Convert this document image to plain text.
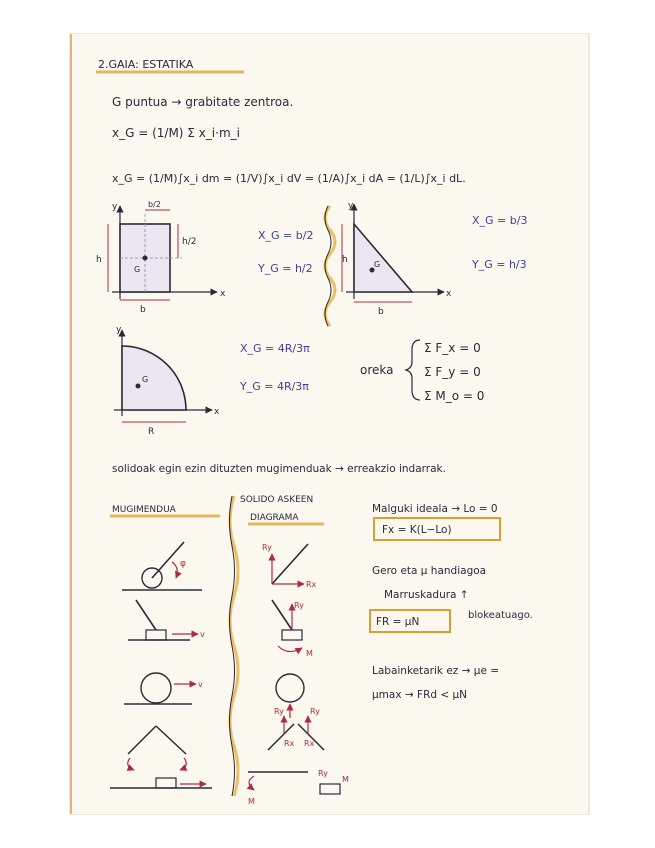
2.GAIA: ESTATIKA
G puntua → grabitate zentroa.
x_G = (1/M) Σ x_i·m_i
x_G = (1/M)∫x_i dm = (1/V)∫x_i dV = (1/A)∫x_i dA = (1/L)∫x_i dL.
b/2
h/2
h
b
G
x
y
X_G = b/2
Y_G = h/2
h
b
G
x
y
X_G = b/3
Y_G = h/3
R
G
x
y
X_G = 4R/3π
Y_G = 4R/3π
oreka
Σ F_x = 0
Σ F_y = 0
Σ M_o = 0
solidoak egin ezin dituzten mugimenduak → erreakzio indarrak.
MUGIMENDUA
SOLIDO ASKEEN
DIAGRAMA
φ
v
v
Ry
Rx
Ry
M
Ry	Ry
Rx Rx
Ry
M
M
Malguki ideala → Lo = 0
Fx = K(L−Lo)
Gero eta μ handiagoa
Marruskadura ↑
FR = μN
blokeatuago.
Labainketarik ez → μe =
μmax → FRd < μN
